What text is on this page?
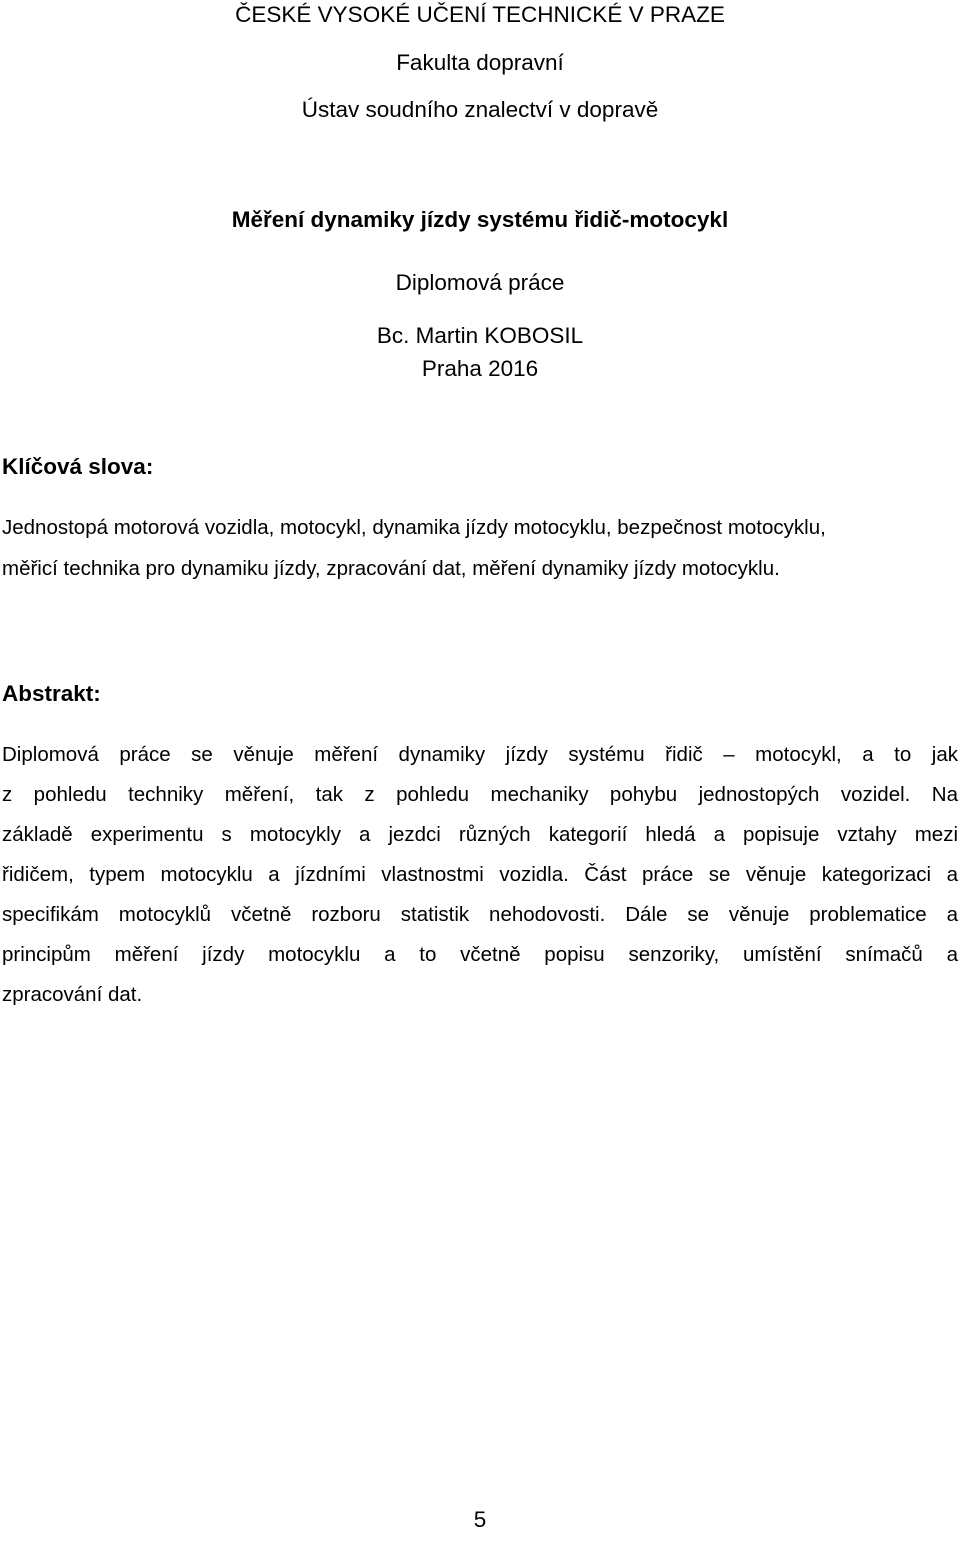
ČESKÉ VYSOKÉ UČENÍ TECHNICKÉ V PRAZE
Fakulta dopravní
Ústav soudního znalectví v dopravě
Měření dynamiky jízdy systému řidič-motocykl
Diplomová práce
Bc. Martin KOBOSIL
Praha 2016
Klíčová slova:
Jednostopá motorová vozidla, motocykl, dynamika jízdy motocyklu, bezpečnost motocyklu,
měřicí technika pro dynamiku jízdy, zpracování dat, měření dynamiky jízdy motocyklu.
Abstrakt:
Diplomová práce se věnuje měření dynamiky jízdy systému řidič – motocykl, a to jak
z pohledu techniky měření, tak z pohledu mechaniky pohybu jednostopých vozidel. Na
základě experimentu s motocykly a jezdci různých kategorií hledá a popisuje vztahy mezi
řidičem, typem motocyklu a jízdními vlastnostmi vozidla. Část práce se věnuje kategorizaci a
specifikám motocyklů včetně rozboru statistik nehodovosti. Dále se věnuje problematice a
principům měření jízdy motocyklu a to včetně popisu senzoriky, umístění snímačů a
zpracování dat.
5
